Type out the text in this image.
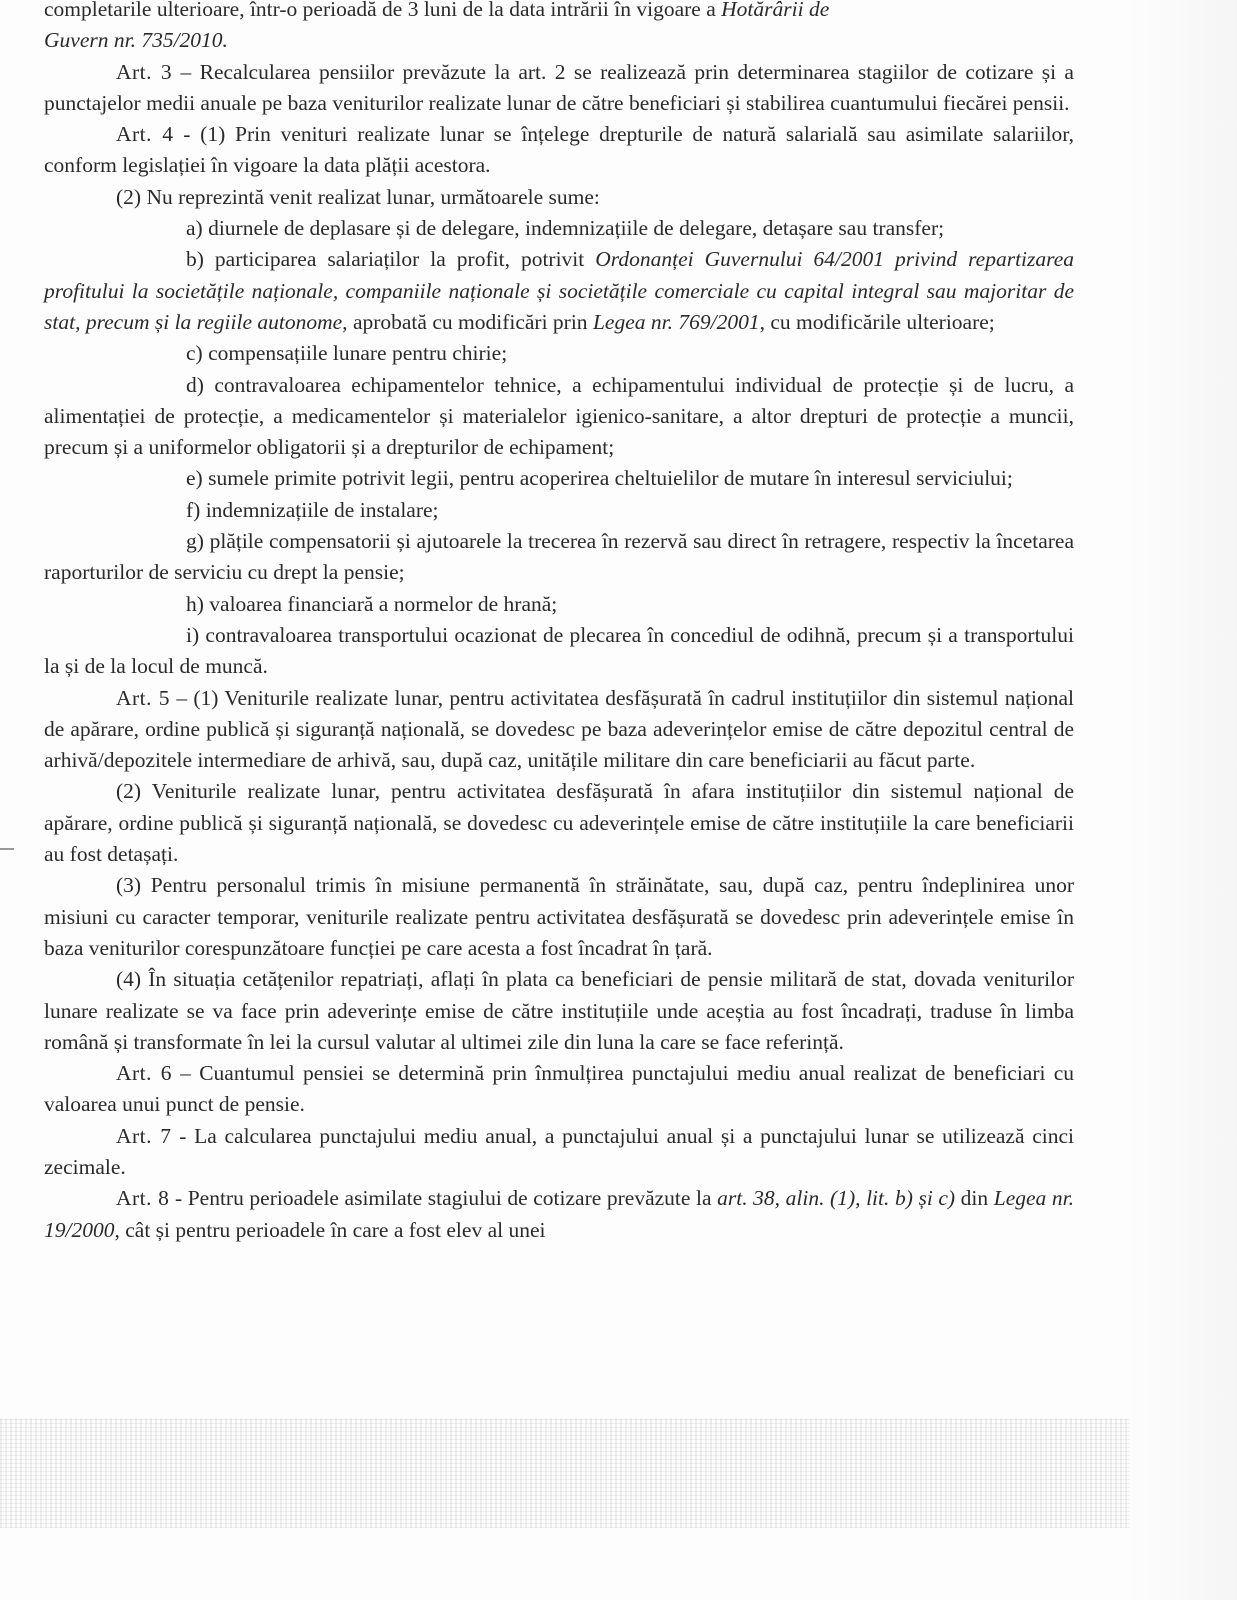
completarile ulterioare, într-o perioadă de 3 luni de la data intrării în vigoare a Hotărârii de

Guvern nr. 735/2010.

Art. 3 – Recalcularea pensiilor prevăzute la art. 2 se realizează prin determinarea stagiilor de cotizare și a punctajelor medii anuale pe baza veniturilor realizate lunar de către beneficiari și stabilirea cuantumului fiecărei pensii.

Art. 4 - (1) Prin venituri realizate lunar se înțelege drepturile de natură salarială sau asimilate salariilor, conform legislației în vigoare la data plății acestora.

(2) Nu reprezintă venit realizat lunar, următoarele sume:

a) diurnele de deplasare și de delegare, indemnizațiile de delegare, detașare sau transfer;

b) participarea salariaților la profit, potrivit Ordonanței Guvernului 64/2001 privind repartizarea profitului la societățile naționale, companiile naționale și societățile comerciale cu capital integral sau majoritar de stat, precum și la regiile autonome, aprobată cu modificări prin Legea nr. 769/2001, cu modificările ulterioare;

c) compensațiile lunare pentru chirie;

d) contravaloarea echipamentelor tehnice, a echipamentului individual de protecție și de lucru, a alimentației de protecție, a medicamentelor și materialelor igienico-sanitare, a altor drepturi de protecție a muncii, precum și a uniformelor obligatorii și a drepturilor de echipament;

e) sumele primite potrivit legii, pentru acoperirea cheltuielilor de mutare în interesul serviciului;

f) indemnizațiile de instalare;

g) plățile compensatorii și ajutoarele la trecerea în rezervă sau direct în retragere, respectiv la încetarea raporturilor de serviciu cu drept la pensie;

h) valoarea financiară a normelor de hrană;

i) contravaloarea transportului ocazionat de plecarea în concediul de odihnă, precum și a transportului la și de la locul de muncă.

Art. 5 – (1) Veniturile realizate lunar, pentru activitatea desfășurată în cadrul instituțiilor din sistemul național de apărare, ordine publică și siguranță națională, se dovedesc pe baza adeverințelor emise de către depozitul central de arhivă/depozitele intermediare de arhivă, sau, după caz, unitățile militare din care beneficiarii au făcut parte.

(2) Veniturile realizate lunar, pentru activitatea desfășurată în afara instituțiilor din sistemul național de apărare, ordine publică și siguranță națională, se dovedesc cu adeverințele emise de către instituțiile la care beneficiarii au fost detașați.

(3) Pentru personalul trimis în misiune permanentă în străinătate, sau, după caz, pentru îndeplinirea unor misiuni cu caracter temporar, veniturile realizate pentru activitatea desfășurată se dovedesc prin adeverințele emise în baza veniturilor corespunzătoare funcției pe care acesta a fost încadrat în țară.

(4) În situația cetățenilor repatriați, aflați în plata ca beneficiari de pensie militară de stat, dovada veniturilor lunare realizate se va face prin adeverințe emise de către instituțiile unde aceștia au fost încadrați, traduse în limba română și transformate în lei la cursul valutar al ultimei zile din luna la care se face referință.

Art. 6 – Cuantumul pensiei se determină prin înmulțirea punctajului mediu anual realizat de beneficiari cu valoarea unui punct de pensie.

Art. 7 - La calcularea punctajului mediu anual, a punctajului anual și a punctajului lunar se utilizează cinci zecimale.

Art. 8 - Pentru perioadele asimilate stagiului de cotizare prevăzute la art. 38, alin. (1), lit. b) și c) din Legea nr. 19/2000, cât și pentru perioadele în care a fost elev al unei
